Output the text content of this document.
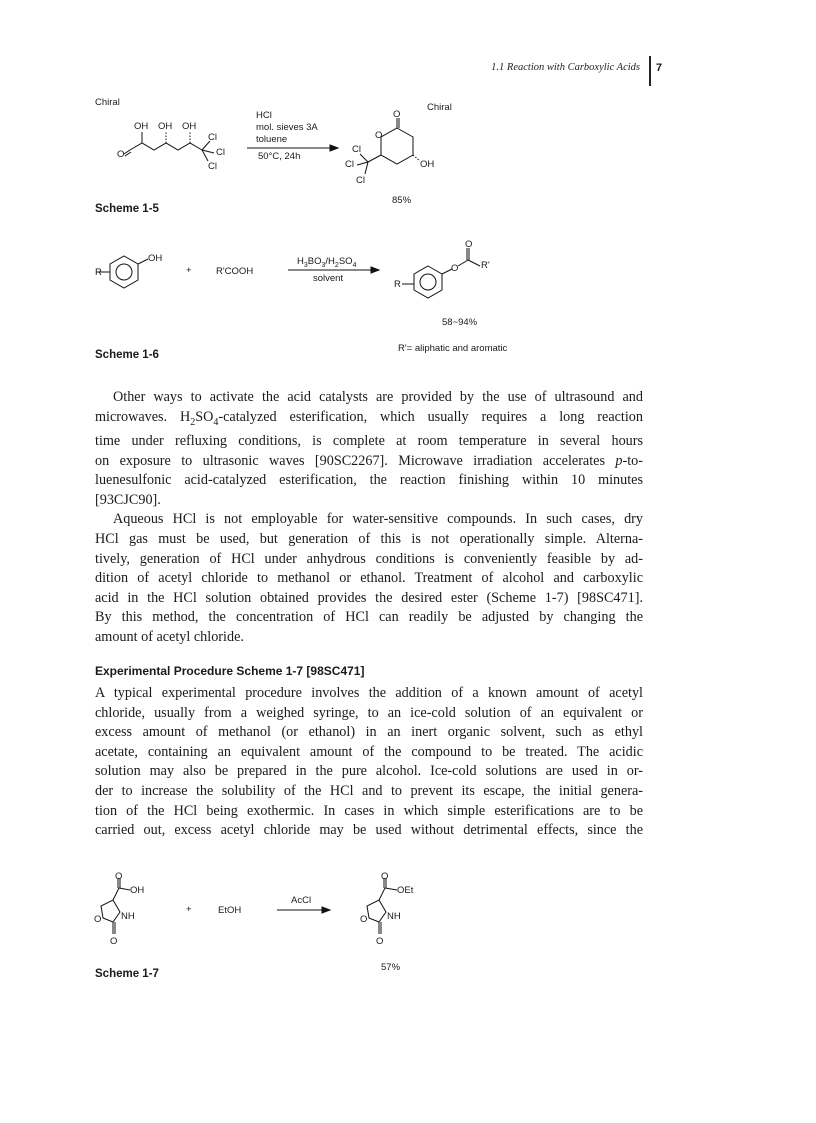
1.1 Reaction with Carboxylic Acids 7
Chiral	Chiral
OH OH OH
O
Cl
Cl
Cl
HCl
mol. sieves 3A
toluene
50°C, 24h
O
O
OH
Cl
Cl
Cl
85%
Scheme 1-5
OH
R	+	R'COOH
$H_3BO_3/H_2SO_4$
solvent
O
O R'
R
58~94%
R'= aliphatic and aromatic
Scheme 1-6

Other ways to activate the acid catalysts are provided by the use of ultrasound and

microwaves. $H_2SO_4$-catalyzed esterification, which usually requires a long reaction

time under refluxing conditions, is complete at room temperature in several hours

on exposure to ultrasonic waves [90SC2267]. Microwave irradiation accelerates p-to-

luenesulfonic acid-catalyzed esterification, the reaction finishing within 10 minutes

[93CJC90].

Aqueous HCl is not employable for water-sensitive compounds. In such cases, dry

HCl gas must be used, but generation of this is not operationally simple. Alterna-

tively, generation of HCl under anhydrous conditions is conveniently feasible by ad-

dition of acetyl chloride to methanol or ethanol. Treatment of alcohol and carboxylic

acid in the HCl solution obtained provides the desired ester (Scheme 1-7) [98SC471].

By this method, the concentration of HCl can readily be adjusted by changing the

amount of acetyl chloride.

Experimental Procedure Scheme 1-7 [98SC471]

A typical experimental procedure involves the addition of a known amount of acetyl

chloride, usually from a weighed syringe, to an ice-cold solution of an equivalent or

excess amount of methanol (or ethanol) in an inert organic solvent, such as ethyl

acetate, containing an equivalent amount of the compound to be treated. The acidic

solution may also be prepared in the pure alcohol. Ice-cold solutions are used in or-

der to increase the solubility of the HCl and to prevent its escape, the initial genera-

tion of the HCl being exothermic. In cases in which simple esterifications are to be

carried out, excess acetyl chloride may be used without detrimental effects, since the

O
OH
NH
O
O
+	EtOH
AcCl
O
OEt
NH
O
O
57%
Scheme 1-7
